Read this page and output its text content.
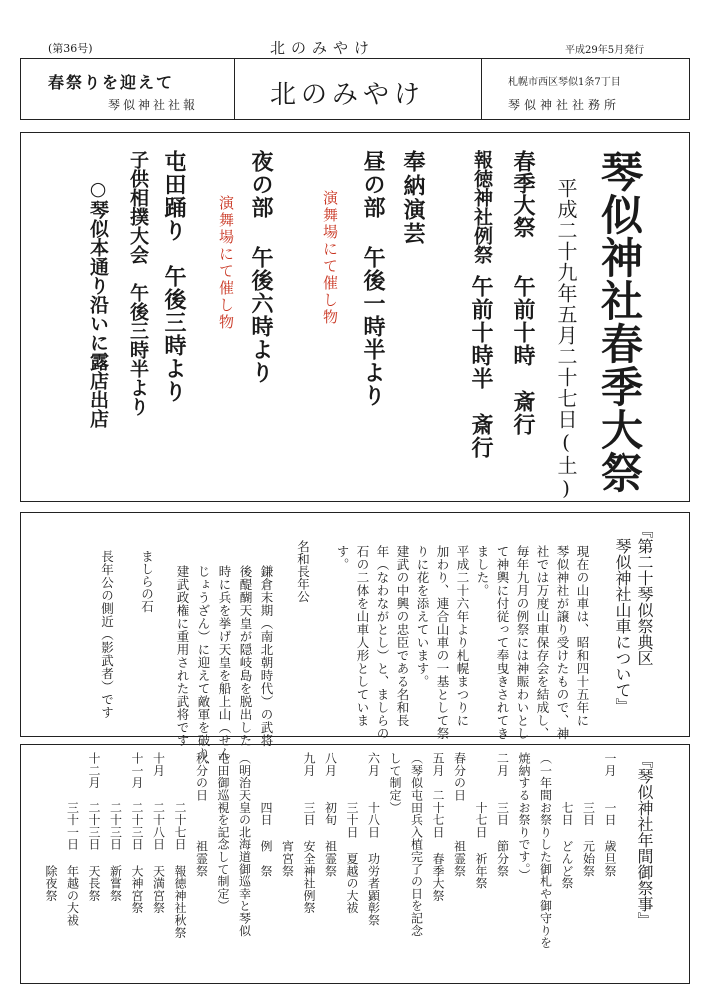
(第36号)	北のみやけ	平成29年5月発行
春祭りを迎えて
琴似神社社報	北のみやけ	札幌市西区琴似1条7丁目
琴似神社社務所
琴似神社春季大祭
平成二十九年五月二十七日(土)
春季大祭
午前十時　斎行
報徳神社例祭
午前十時半　斎行
奉納演芸
昼の部 午後一時半より
演舞場にて催し物
夜の部 午後六時より
演舞場にて催し物
屯田踊り　午後三時より
子供相撲大会　午後三時半より
○琴似本通り沿いに露店出店
『第二十琴似祭典区
琴似神社山車について』
現在の山車は、昭和四十五年に
琴似神社が譲り受けたもので、神
社では万度山車保存会を結成し、
毎年九月の例祭には神賑わいとし
て神輿に付従って奉曳きされてき
ました。
平成二十六年より札幌まつりに
加わり、連合山車の一基として祭
りに花を添えています。
建武の中興の忠臣である名和長
年（なわながとし）と、ましらの
石の二体を山車人形としていま
す。
名和長年公
鎌倉末期（南北朝時代）の武将
後醍醐天皇が隠岐島を脱出した
時に兵を挙げ天皇を船上山（せん
じょうざん）に迎えて敵軍を破り、
建武政権に重用された武将です
ましらの石
長年公の側近（影武者）です
『琴似神社年間御祭事』
一月　　一日 歳旦祭
　　　　三日 元始祭
　　　　七日 どんど祭
（一年間お祭りした御札や御守りを
焼納するお祭りです。）
二月　　三日 節分祭
　　　　十七日 祈年祭
春分の日　　 祖霊祭
五月　二十七日 春季大祭
（琴似屯田兵入植完了の日を記念
して制定）
六月　　十八日 功労者顕彰祭
　　　　三十日 夏越の大祓
八月　　初旬 祖霊祭
九月　　三日 安全神社例祭
　　　　　　 宵宮祭
　　　　四日 例　祭
（明治天皇の北海道御巡幸と琴似
屯田御巡視を記念して制定）
秋分の日　　 祖霊祭
　　　　二十七日 報徳神社秋祭
十月　　二十八日 天満宮祭
十一月　二十三日 大神宮祭
　　　　二十三日 新嘗祭
十二月　二十三日 天長祭
　　　　三十一日 年越の大祓
　　　　　　　　 除夜祭
